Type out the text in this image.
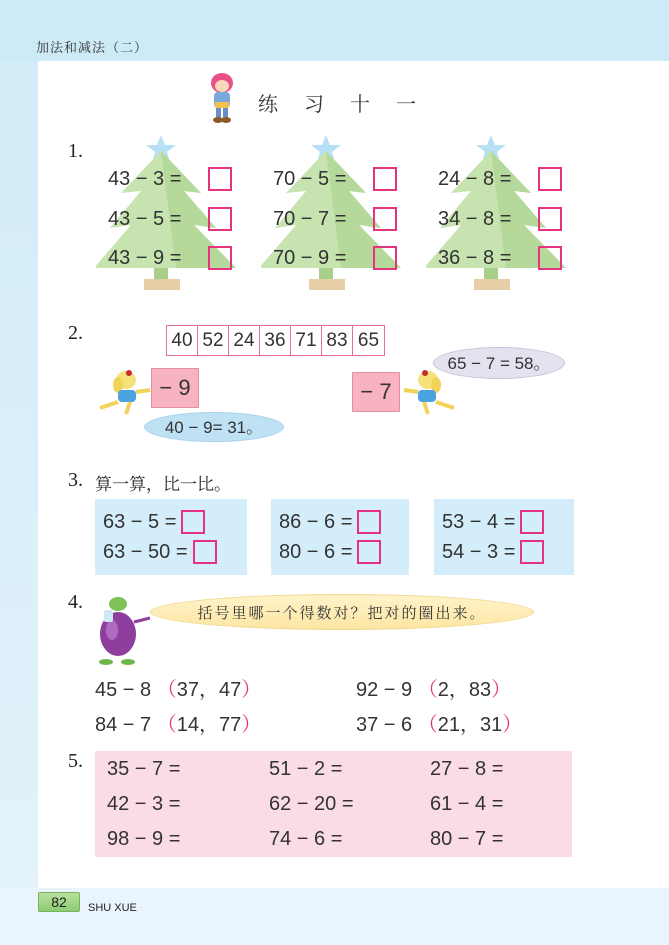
加法和减法（二）
练习十一
1.
43 − 3 =
43 − 5 =
43 − 9 =
70 − 5 =
70 − 7 =
70 − 9 =
24 − 8 =
34 − 8 =
36 − 8 =
2.	40 52 24 36 71 83 65
− 9
40 − 9= 31。
− 7
65 − 7 = 58。
3. 算一算，比一比。
63 − 5 =
63 − 50 =
86 − 6 =
80 − 6 =
53 − 4 =
54 − 3 =
4.	括号里哪一个得数对？把对的圈出来。
45 − 8 （37，47）	92 − 9 （2，83）
84 − 7 （14，77）	37 − 6 （21，31）
5. 35 − 7 =	51 − 2 =	27 − 8 =
42 − 3 =	62 − 20 =	61 − 4 =
98 − 9 =	74 − 6 =	80 − 7 =
82	SHU XUE
